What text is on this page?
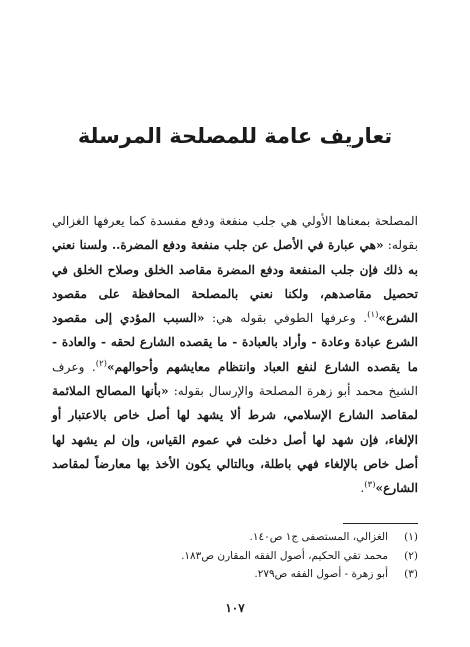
تعاريف عامة للمصلحة المرسلة

المصلحة بمعناها الأولي هي جلب منفعة ودفع مفسدة كما يعرفها الغزالي بقوله: «هي عبارة في الأصل عن جلب منفعة ودفع المضرة.. ولسنا نعني به ذلك فإن جلب المنفعة ودفع المضرة مقاصد الخلق وصلاح الخلق في تحصيل مقاصدهم، ولكنا نعني بالمصلحة المحافظة على مقصود الشرع»$^{(١)}$. وعرفها الطوفي بقوله هي: «السبب المؤدي إلى مقصود الشرع عبادة وعادة - وأراد بالعبادة - ما يقصده الشارع لحقه - والعادة - ما يقصده الشارع لنفع العباد وانتظام معايشهم وأحوالهم»$^{(٢)}$. وعرف الشيخ محمد أبو زهرة المصلحة والإرسال بقوله: «بأنها المصالح الملائمة لمقاصد الشارع الإسلامي، شرط ألا يشهد لها أصل خاص بالاعتبار أو الإلغاء، فإن شهد لها أصل دخلت في عموم القياس، وإن لم يشهد لها أصل خاص بالإلغاء فهي باطلة، وبالتالي يكون الأخذ بها معارضاً لمقاصد الشارع»$^{(٣)}$.

(١)الغزالي، المستصفى ج١ ص١٤٠.
(٢)محمد تقي الحكيم، أصول الفقه المقارن ص١٨٣.
(٣)أبو زهرة - أصول الفقه ص٢٧٩.
١٠٧
